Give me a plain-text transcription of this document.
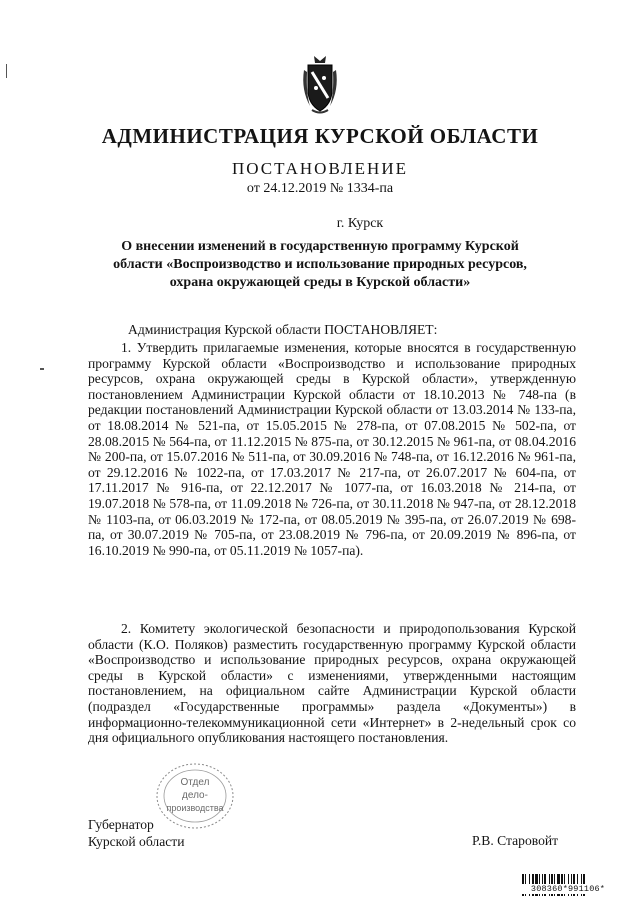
АДМИНИСТРАЦИЯ КУРСКОЙ ОБЛАСТИ
ПОСТАНОВЛЕНИЕ
от 24.12.2019 № 1334-па
г. Курск
О внесении изменений в государственную программу Курской
области «Воспроизводство и использование природных ресурсов,
охрана окружающей среды в Курской области»
Администрация Курской области ПОСТАНОВЛЯЕТ:
1. Утвердить прилагаемые изменения, которые вносятся в государственную программу Курской области «Воспроизводство и использование природных ресурсов, охрана окружающей среды в Курской области», утвержденную постановлением Администрации Курской области от 18.10.2013 № 748-па (в редакции постановлений Администрации Курской области от 13.03.2014 № 133-па, от 18.08.2014 № 521-па, от 15.05.2015 № 278-па, от 07.08.2015 № 502-па, от 28.08.2015 № 564-па, от 11.12.2015 № 875-па, от 30.12.2015 № 961-па, от 08.04.2016 № 200-па, от 15.07.2016 № 511-па, от 30.09.2016 № 748-па, от 16.12.2016 № 961-па, от 29.12.2016 № 1022-па, от 17.03.2017 № 217-па, от 26.07.2017 № 604-па, от 17.11.2017 № 916-па, от 22.12.2017 № 1077-па, от 16.03.2018 № 214-па, от 19.07.2018 № 578-па, от 11.09.2018 № 726-па, от 30.11.2018 № 947-па, от 28.12.2018 № 1103-па, от 06.03.2019 № 172-па, от 08.05.2019 № 395-па, от 26.07.2019 № 698-па, от 30.07.2019 № 705-па, от 23.08.2019 № 796-па, от 20.09.2019 № 896-па, от 16.10.2019 № 990-па, от 05.11.2019 № 1057-па).
2. Комитету экологической безопасности и природопользования Курской области (К.О. Поляков) разместить государственную программу Курской области «Воспроизводство и использование природных ресурсов, охрана окружающей среды в Курской области» с изменениями, утвержденными настоящим постановлением, на официальном сайте Администрации Курской области (подраздел «Государственные программы» раздела «Документы») в информационно-телекоммуникационной сети «Интернет» в 2-недельный срок со дня официального опубликования настоящего постановления.
Отдел
дело-
производства
Губернатор
Курской области	Р.В. Старовойт
308360*991106*
